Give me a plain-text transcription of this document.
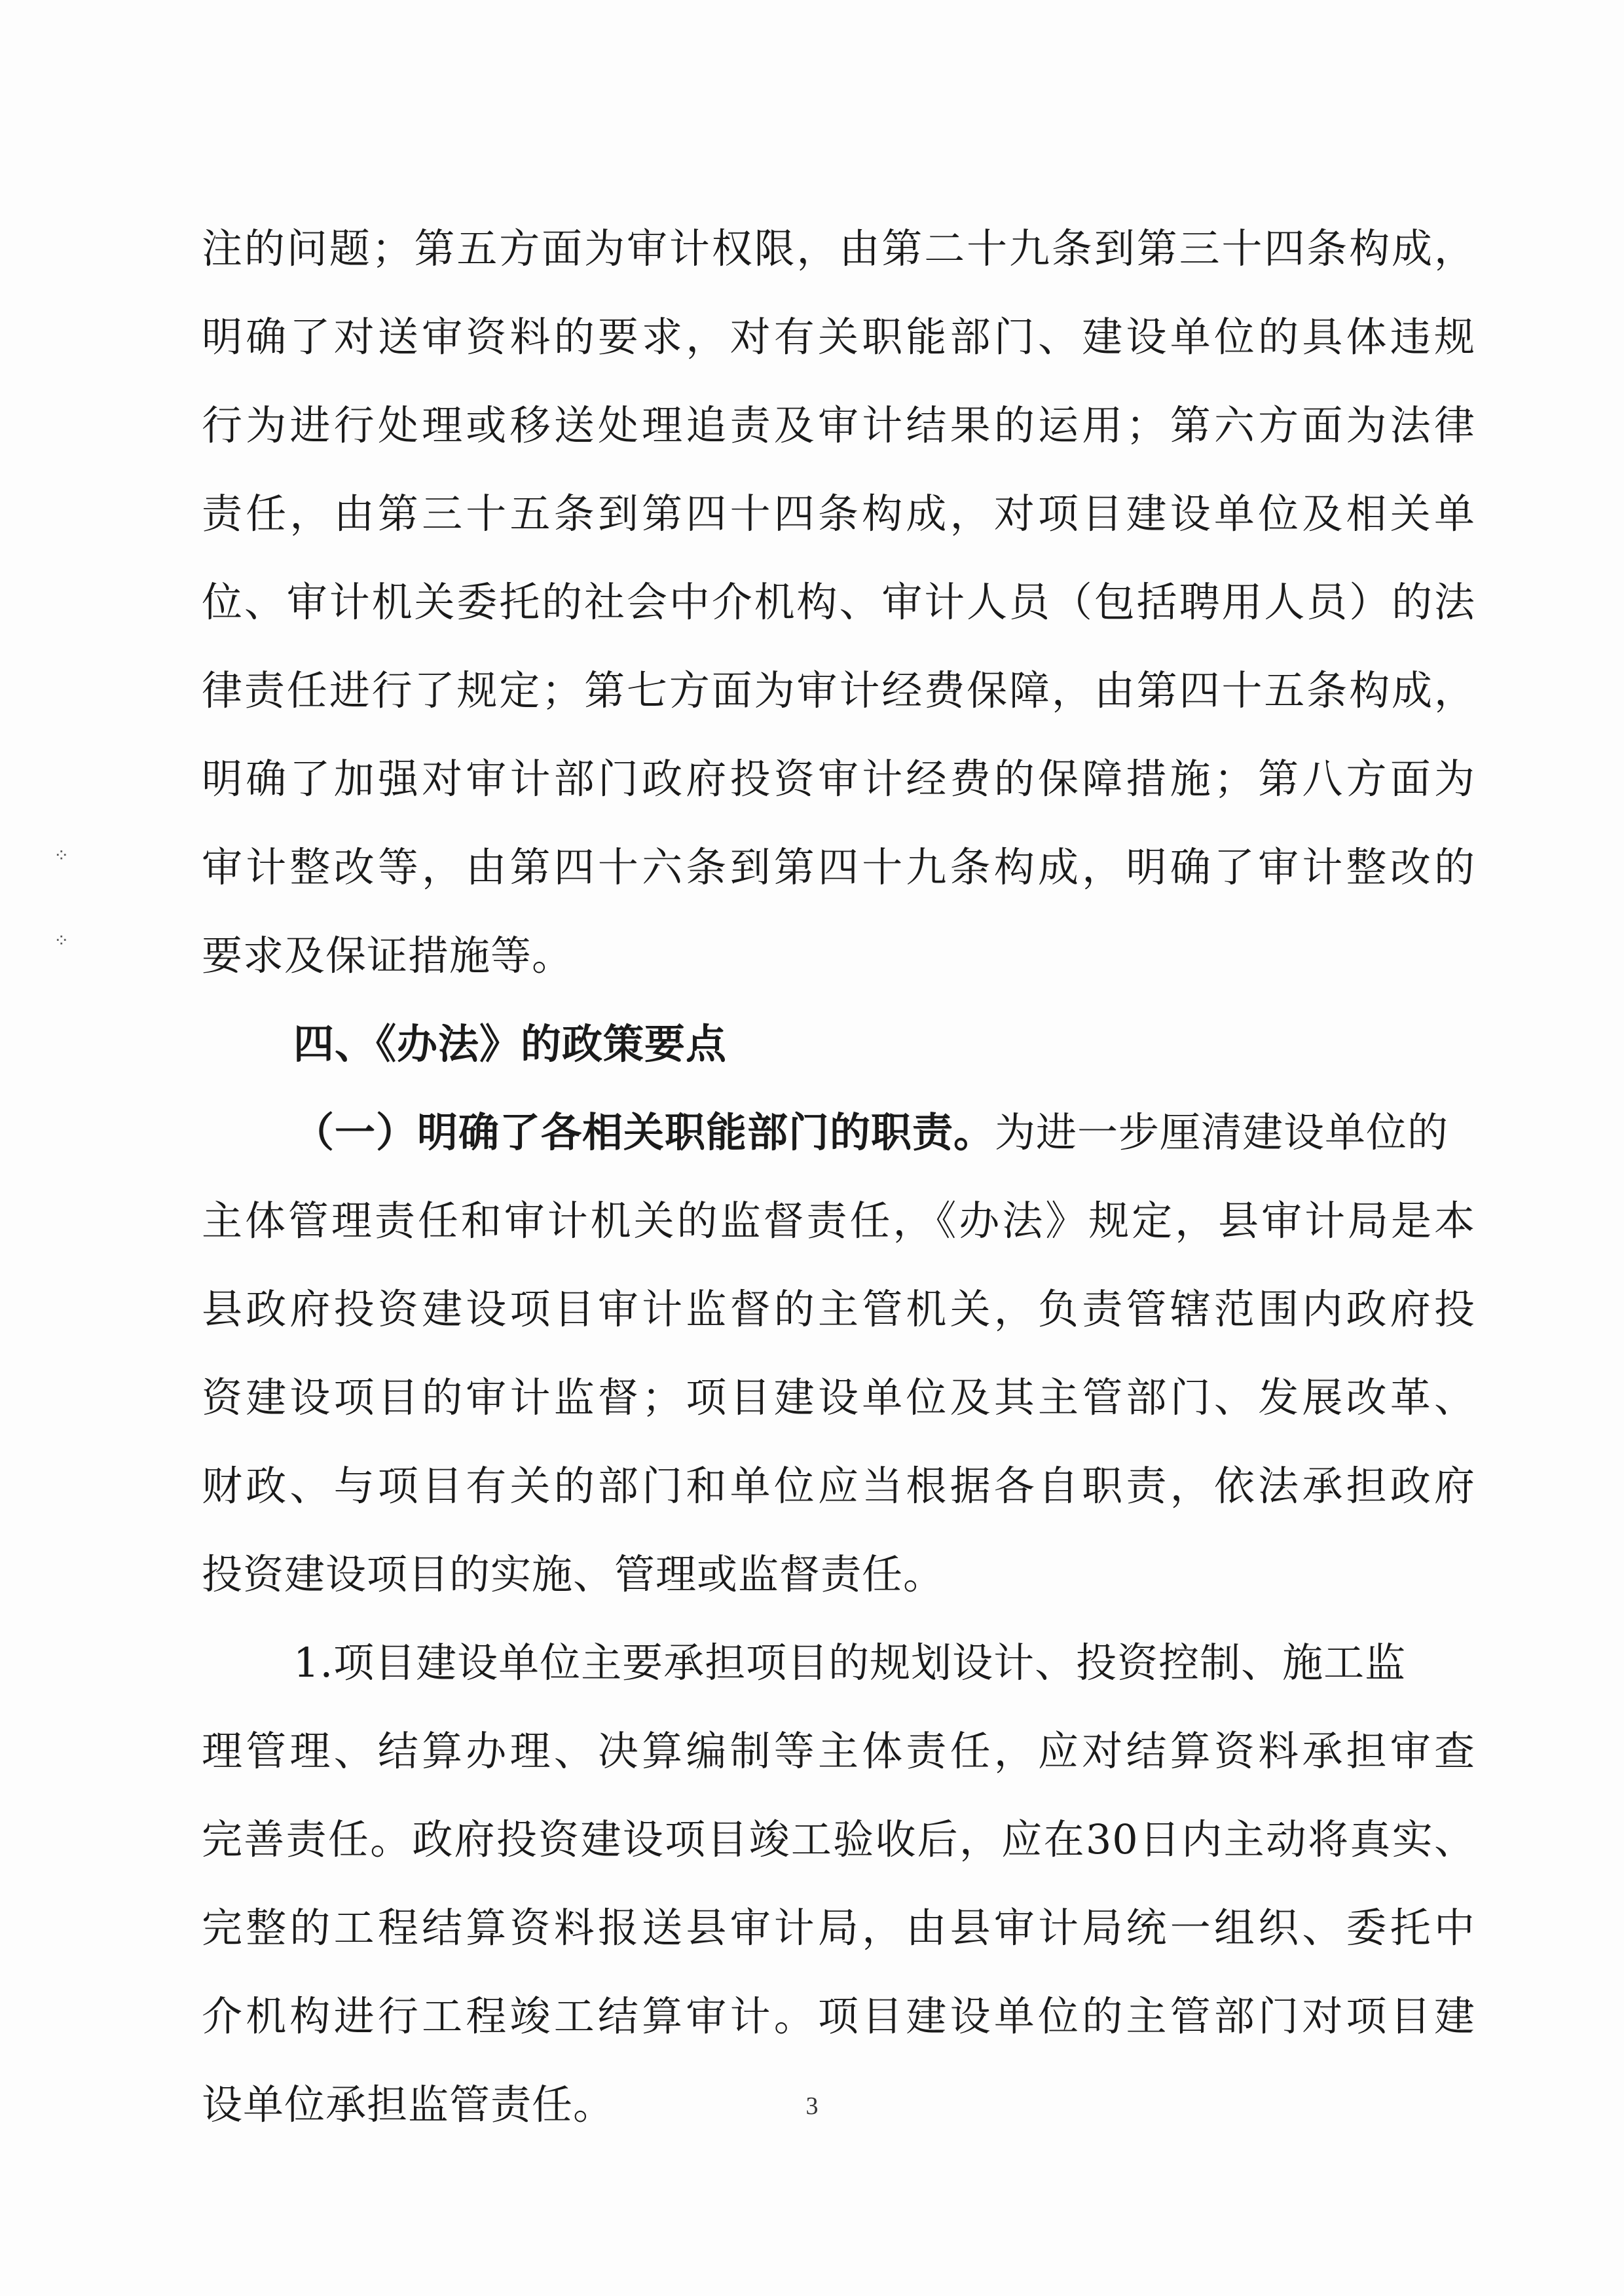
⁘
⁘
注的问题；第五方面为审计权限，由第二十九条到第三十四条构成，
明确了对送审资料的要求，对有关职能部门、建设单位的具体违规
行为进行处理或移送处理追责及审计结果的运用；第六方面为法律
责任，由第三十五条到第四十四条构成，对项目建设单位及相关单
位、审计机关委托的社会中介机构、审计人员（包括聘用人员）的法
律责任进行了规定；第七方面为审计经费保障，由第四十五条构成，
明确了加强对审计部门政府投资审计经费的保障措施；第八方面为
审计整改等，由第四十六条到第四十九条构成，明确了审计整改的
要求及保证措施等。
四、《办法》的政策要点
（一）明确了各相关职能部门的职责。为进一步厘清建设单位的
主体管理责任和审计机关的监督责任，《办法》规定，县审计局是本
县政府投资建设项目审计监督的主管机关，负责管辖范围内政府投
资建设项目的审计监督；项目建设单位及其主管部门、发展改革、
财政、与项目有关的部门和单位应当根据各自职责，依法承担政府
投资建设项目的实施、管理或监督责任。
1.项目建设单位主要承担项目的规划设计、投资控制、施工监
理管理、结算办理、决算编制等主体责任，应对结算资料承担审查
完善责任。政府投资建设项目竣工验收后，应在30日内主动将真实、
完整的工程结算资料报送县审计局，由县审计局统一组织、委托中
介机构进行工程竣工结算审计。项目建设单位的主管部门对项目建
设单位承担监管责任。	3
